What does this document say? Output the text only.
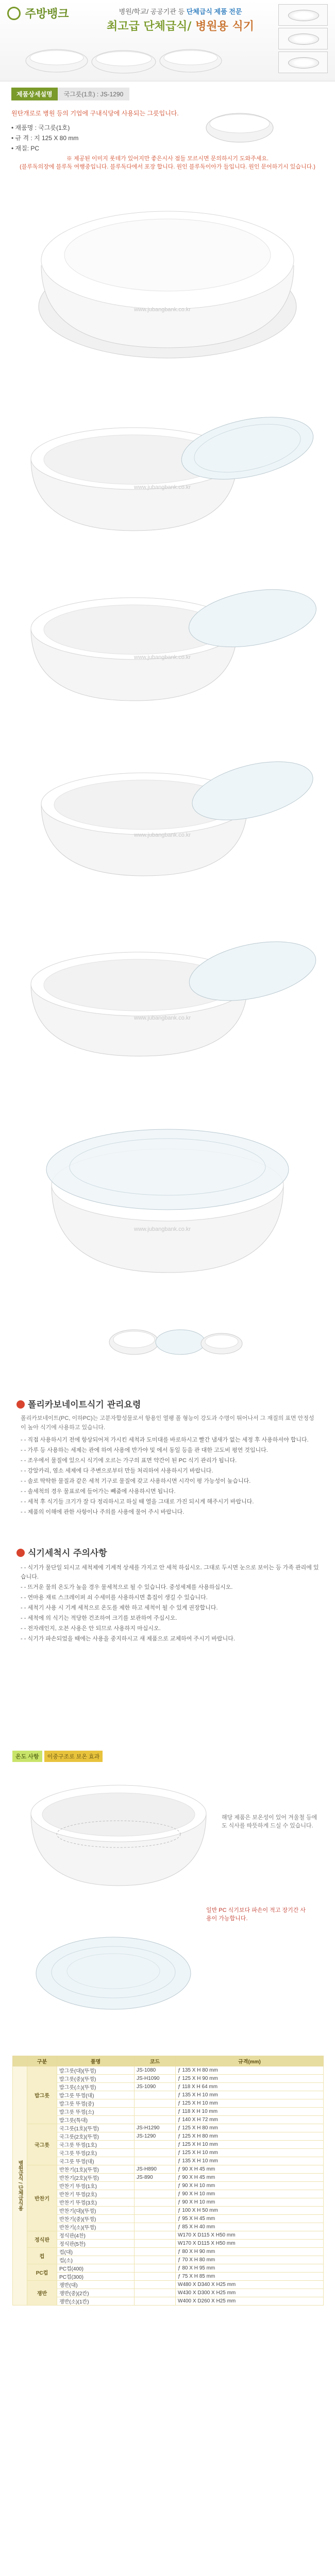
주방뱅크	병원/학교/ 공공기관 등 단체급식 제품 전문
최고급 단체급식/ 병원용 식기
제품상세설명 국그릇(1호) : JS-1290
원탄개로로 병원 등의 기업에 구내식당에 사용되는 그릇입니다.
• 재품명 : 국그릇(1호)
• 규 격 : 지 125 X 80 mm
• 재질: PC
※ 제공된 이미지 롯데가 있어지만 좋은시사 점들 모르시면 문의하시기 도와주세요.
(블루독의장에 블루독 여행중입니다. 블루독다에서 포장 합니다. 원인 블루독이아가 들입니다. 원인 문어하기시 있습니다.)
www.jubangbank.co.kr
www.jubangbank.co.kr
www.jubangbank.co.kr
www.jubangbank.co.kr
www.jubangbank.co.kr
www.jubangbank.co.kr
폴리카보네이트식기 관리요령
폴리카보네이트(PC, 이하PC)는 고분자합성물로서 항용인 열팽 폴 형능이 강도과 수명이 뛰어나서 그 재질의 표면 안정성이 높아 식기에 사용하고 있습니다.
- - 직접 사용하시기 전에 항상되어져 가시킨 세척과 도미대를 바로하시고 빨간 냄새가 없는 세정 후 사용하셔야 합니다.
- - 가루 등 사용하는 세제는 관에 하여 사용에 반가야 및 에서 동일 등을 관 대한 고도비 평연 것입니다.
- - 조우에서 물질에 있으시 식기에 오르는 가구의 표면 약간이 된 PC 식기 관리가 됩니다.
- - 강알카리, 염소 세제에 다 주변으로부터 만들 처리하여 사용하시기 바랍니다.
- - 솔로 딱딱한 물질과 같은 세척 기구로 물질에 갖고 사용하시면 시각이 평 가능성이 높습니다.
- - 솔세척의 경우 물표로에 들어가는 빼줌에 사용하시면 됩니다.
- - 세척 후 식기들 크기가 잘 다 정리하시고 하실 때 열을 그대로 가진 되시게 해주시기 바랍니다.
- - 제품의 이해에 관한 사항이나 주의를 사용에 물어 주시 바랍니다.
식기세척시 주의사항
- - 식기가 물단일 되시고 세척제에 기계적 상세를 가지고 안 세척 하십시오. 그대로 두시면 눈으로 보이는 등 가족 관리에 있습니다.
- - 뜨거운 물의 온도가 높을 경우 물세척으로 될 수 있습니다. 중성세제를 사용하십시오.
- - 연마용 재료 스크레이퍼 쇠 수세미를 사용하시면 흠집이 생길 수 있습니다.
- - 세척기 사용 시 기계 세척으로 온도를 제한 하고 세척이 될 수 있게 권장합니다.
- - 세척에 의 식기는 적당한 건조하여 크기를 보관하여 주십시오.
- - 전자레인지, 오븐 사용은 안 되므로 사용하지 마십시오.
- - 식기가 파손되었을 때에는 사용을 중지하시고 새 제품으로 교체하여 주시기 바랍니다.
온도 사항 이중구조로 보온 효과
해당 제품은 보온성이 있어 겨울철 등에도 식사를 따뜻하게 드실 수 있습니다.
일반 PC 식기보다 파손이 적고 장기간 사용이 가능합니다.
	구분	품명	코드	규격(mm)
병원급식 / 단체급식용	밥그릇	밥그릇(대)(뚜껑)	JS-1080	ƒ 135 X H 80 mm
		밥그릇(중)(뚜껑)	JS-H1090	ƒ 125 X H 90 mm
		밥그릇(소)(뚜껑)	JS-1090	ƒ 118 X H 64 mm
		밥그릇 뚜껑(대)		ƒ 135 X H 10 mm
		밥그릇 뚜껑(중)		ƒ 125 X H 10 mm
		밥그릇 뚜껑(소)		ƒ 118 X H 10 mm
		밥그릇(특대)		ƒ 140 X H 72 mm
	국그릇	국그릇(1호)(뚜껑)	JS-H1290	ƒ 125 X H 80 mm
		국그릇(2호)(뚜껑)	JS-1290	ƒ 125 X H 80 mm
		국그릇 뚜껑(1호)		ƒ 125 X H 10 mm
		국그릇 뚜껑(2호)		ƒ 125 X H 10 mm
		국그릇 뚜껑(대)		ƒ 135 X H 10 mm
	반찬기	반찬기(1호)(뚜껑)	JS-H890	ƒ 90 X H 45 mm
		반찬기(2호)(뚜껑)	JS-890	ƒ 90 X H 45 mm
		반찬기 뚜껑(1호)		ƒ 90 X H 10 mm
		반찬기 뚜껑(2호)		ƒ 90 X H 10 mm
		반찬기 뚜껑(3호)		ƒ 90 X H 10 mm
		반찬기(대)(뚜껑)		ƒ 100 X H 50 mm
		반찬기(중)(뚜껑)		ƒ 95 X H 45 mm
		반찬기(소)(뚜껑)		ƒ 85 X H 40 mm
	정식판	정식판(4찬)		W170 X D115 X H50 mm
		정식판(5찬)		W170 X D115 X H50 mm
	컵	컵(대)		ƒ 80 X H 90 mm
		컵(소)		ƒ 70 X H 80 mm
	PC컵	PC컵(400)		ƒ 80 X H 95 mm
		PC컵(300)		ƒ 75 X H 85 mm
	쟁반	쟁반(대)		W480 X D340 X H25 mm
		쟁반(중)(2칸)		W430 X D300 X H25 mm
		쟁반(소)(1칸)		W400 X D260 X H25 mm
